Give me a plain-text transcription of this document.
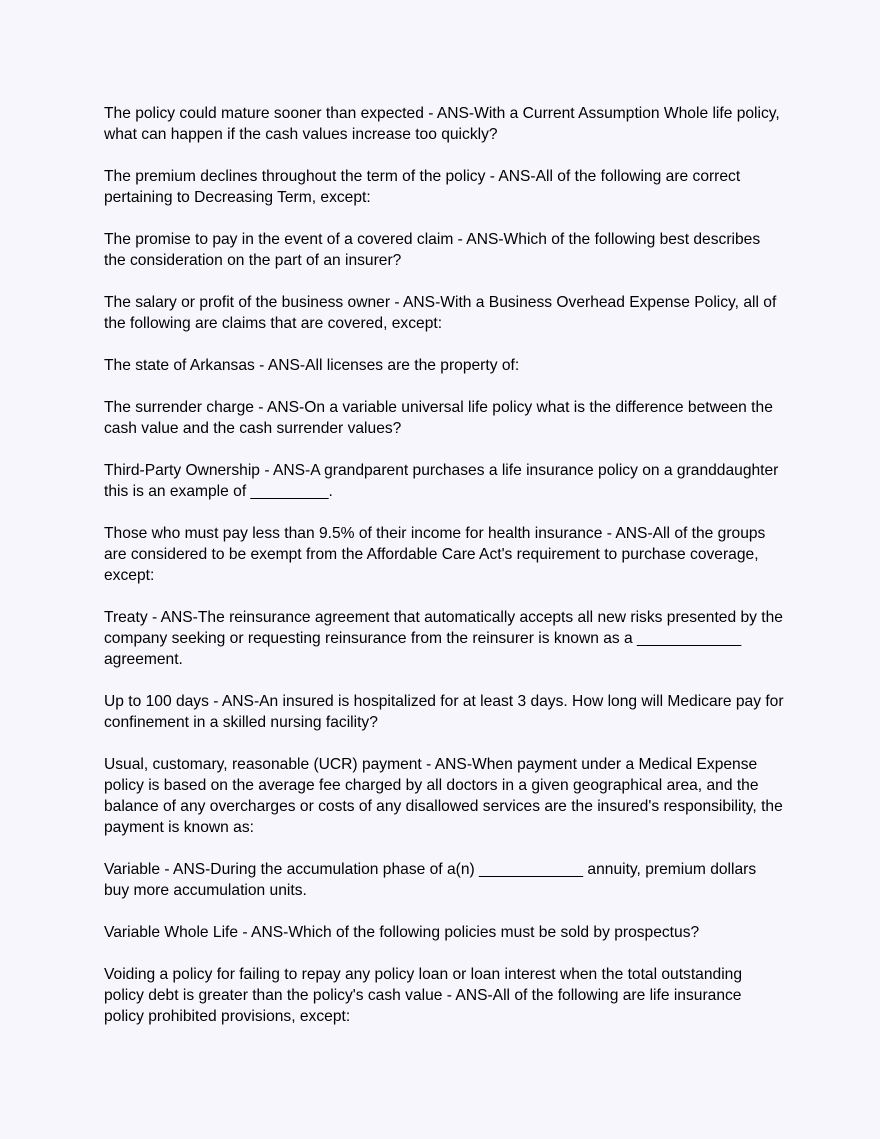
The policy could mature sooner than expected - ANS-With a Current Assumption Whole life policy, what can happen if the cash values increase too quickly?

The premium declines throughout the term of the policy - ANS-All of the following are correct pertaining to Decreasing Term, except:

The promise to pay in the event of a covered claim - ANS-Which of the following best describes the consideration on the part of an insurer?

The salary or profit of the business owner - ANS-With a Business Overhead Expense Policy, all of the following are claims that are covered, except:

The state of Arkansas - ANS-All licenses are the property of:

The surrender charge - ANS-On a variable universal life policy what is the difference between the cash value and the cash surrender values?

Third-Party Ownership - ANS-A grandparent purchases a life insurance policy on a granddaughter this is an example of _________.

Those who must pay less than 9.5% of their income for health insurance - ANS-All of the groups are considered to be exempt from the Affordable Care Act's requirement to purchase coverage, except:

Treaty - ANS-The reinsurance agreement that automatically accepts all new risks presented by the company seeking or requesting reinsurance from the reinsurer is known as a ____________ agreement.

Up to 100 days - ANS-An insured is hospitalized for at least 3 days. How long will Medicare pay for confinement in a skilled nursing facility?

Usual, customary, reasonable (UCR) payment - ANS-When payment under a Medical Expense policy is based on the average fee charged by all doctors in a given geographical area, and the balance of any overcharges or costs of any disallowed services are the insured's responsibility, the payment is known as:

Variable - ANS-During the accumulation phase of a(n) ____________ annuity, premium dollars buy more accumulation units.

Variable Whole Life - ANS-Which of the following policies must be sold by prospectus?

Voiding a policy for failing to repay any policy loan or loan interest when the total outstanding policy debt is greater than the policy's cash value - ANS-All of the following are life insurance policy prohibited provisions, except:
